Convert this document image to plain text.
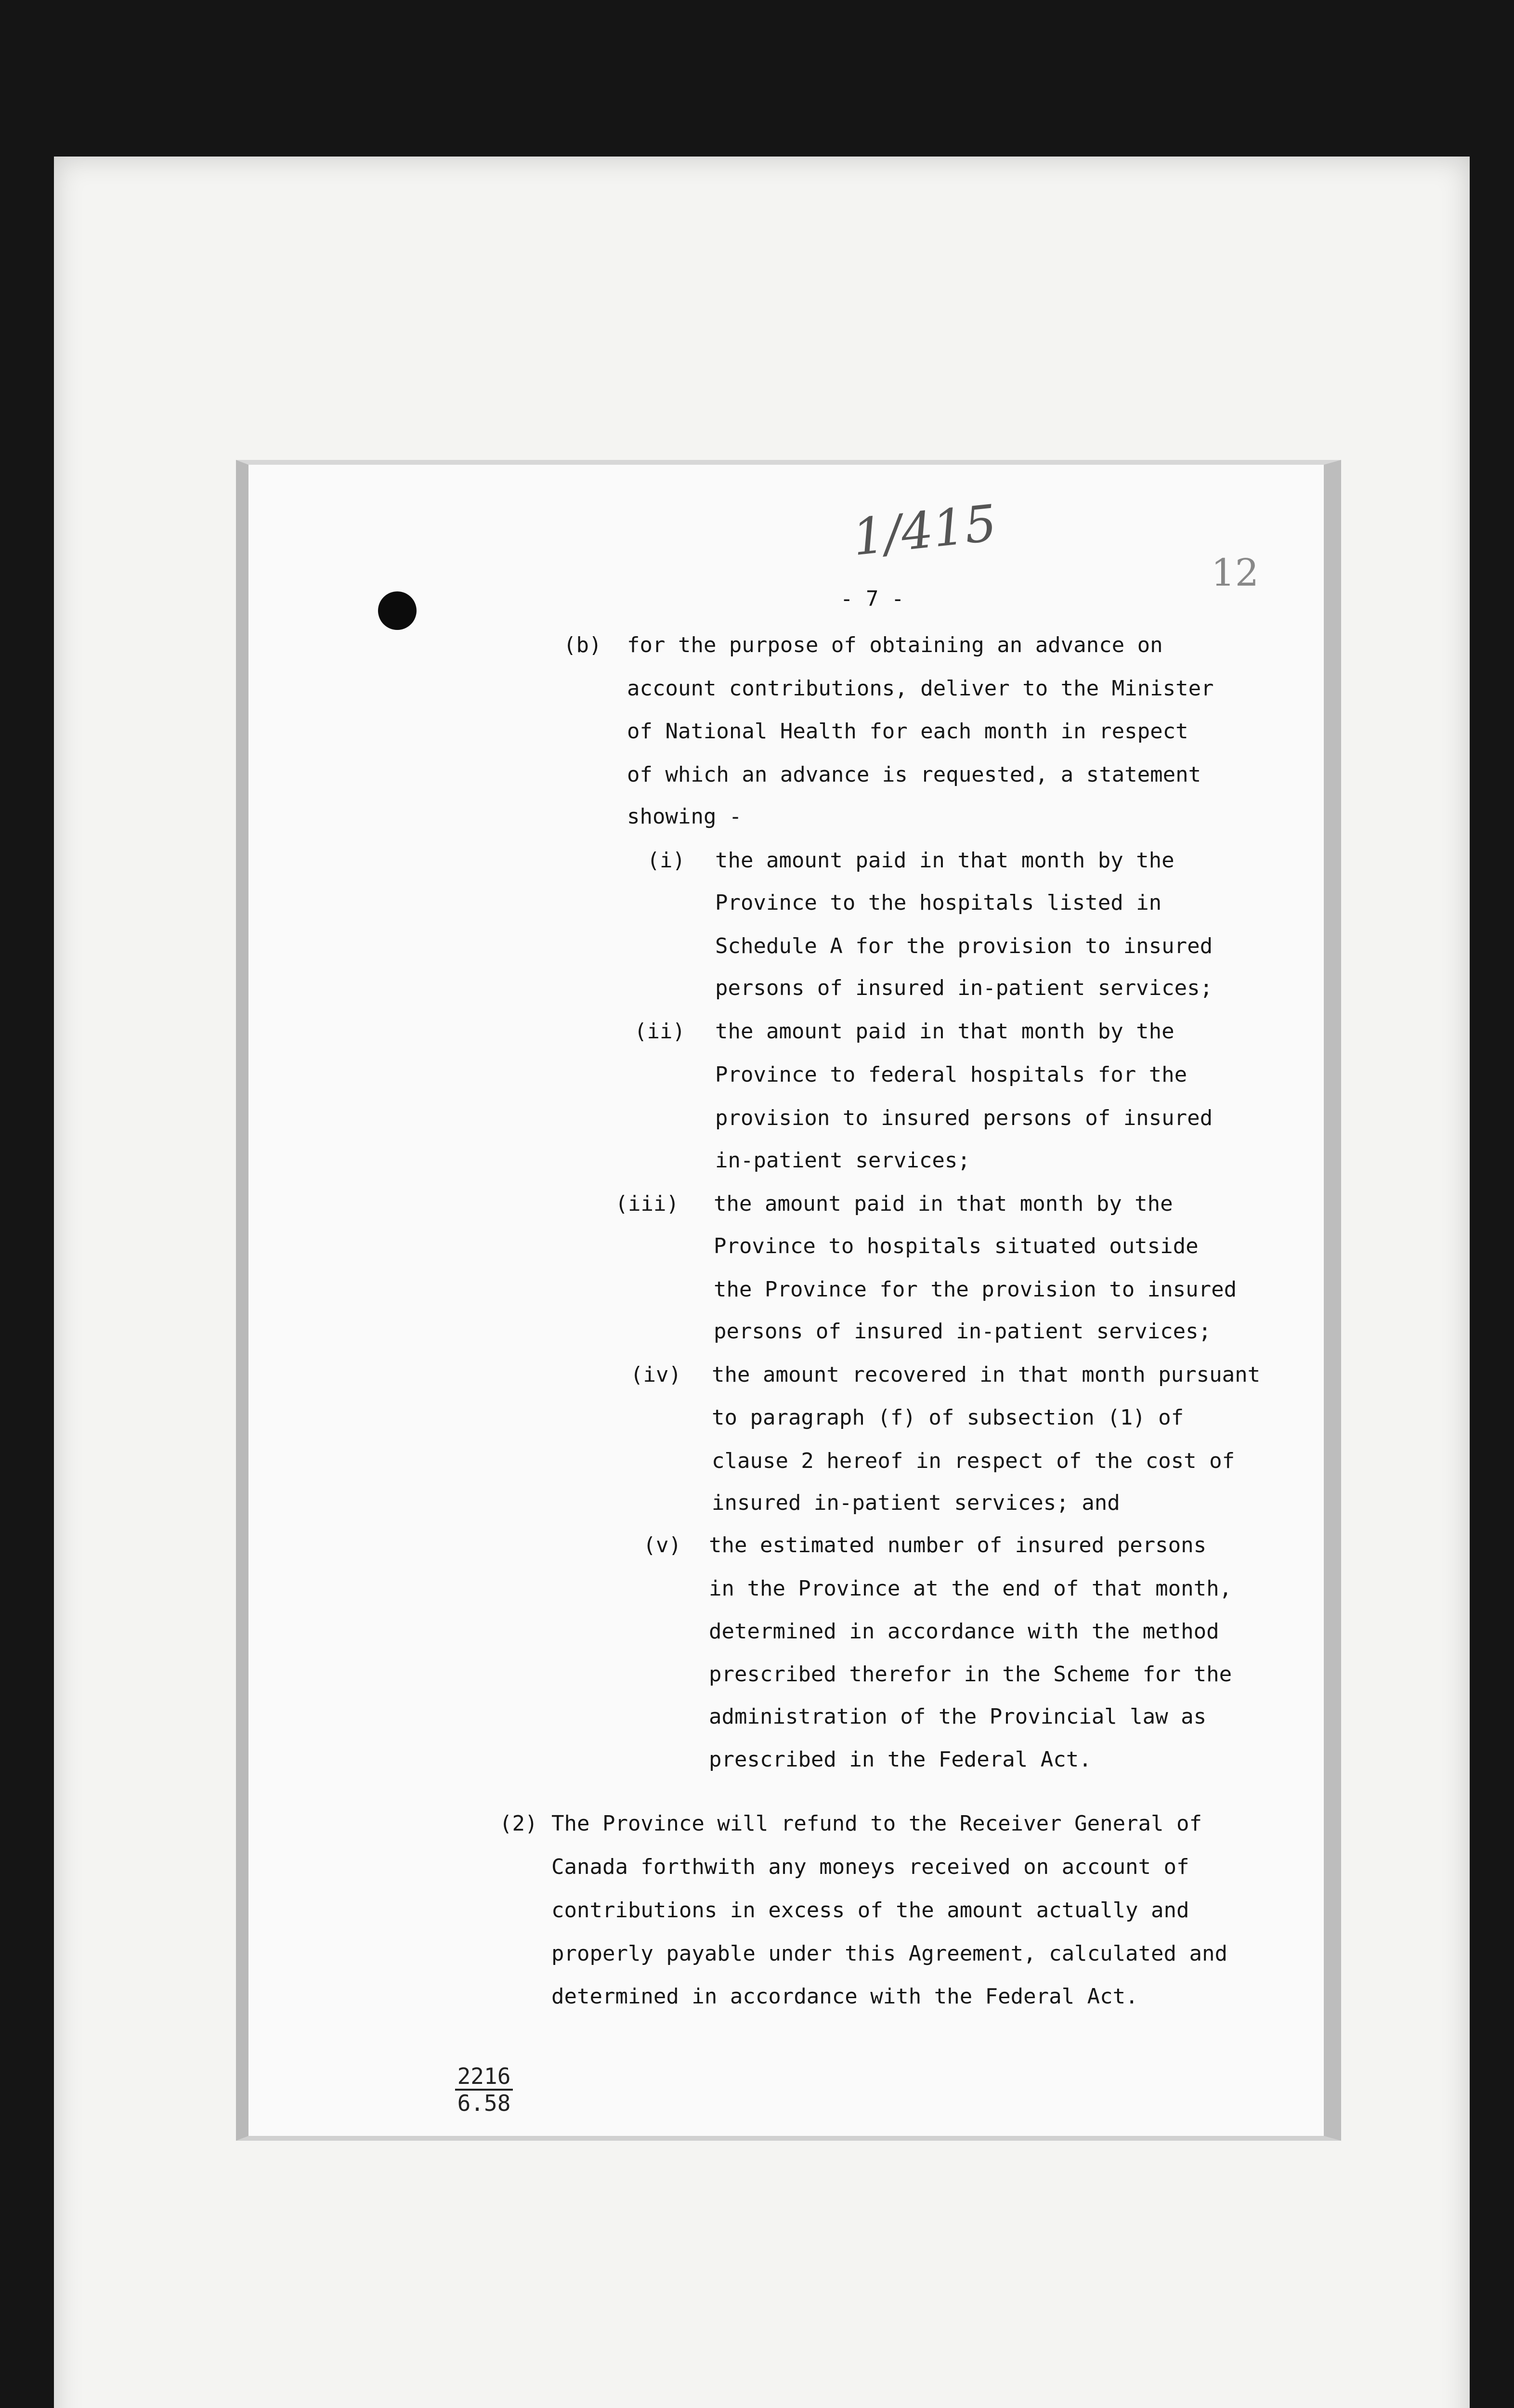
1/415
12
- 7 -
(b) for the purpose of obtaining an advance on
account contributions, deliver to the Minister
of National Health for each month in respect
of which an advance is requested, a statement
showing -
(i) the amount paid in that month by the
Province to the hospitals listed in
Schedule A for the provision to insured
persons of insured in-patient services;
(ii) the amount paid in that month by the
Province to federal hospitals for the
provision to insured persons of insured
in-patient services;
(iii) the amount paid in that month by the
Province to hospitals situated outside
the Province for the provision to insured
persons of insured in-patient services;
(iv) the amount recovered in that month pursuant
to paragraph (f) of subsection (1) of
clause 2 hereof in respect of the cost of
insured in-patient services; and
(v) the estimated number of insured persons
in the Province at the end of that month,
determined in accordance with the method
prescribed therefor in the Scheme for the
administration of the Provincial law as
prescribed in the Federal Act.
(2) The Province will refund to the Receiver General of
Canada forthwith any moneys received on account of
contributions in excess of the amount actually and
properly payable under this Agreement, calculated and
determined in accordance with the Federal Act.
2216
6.58
